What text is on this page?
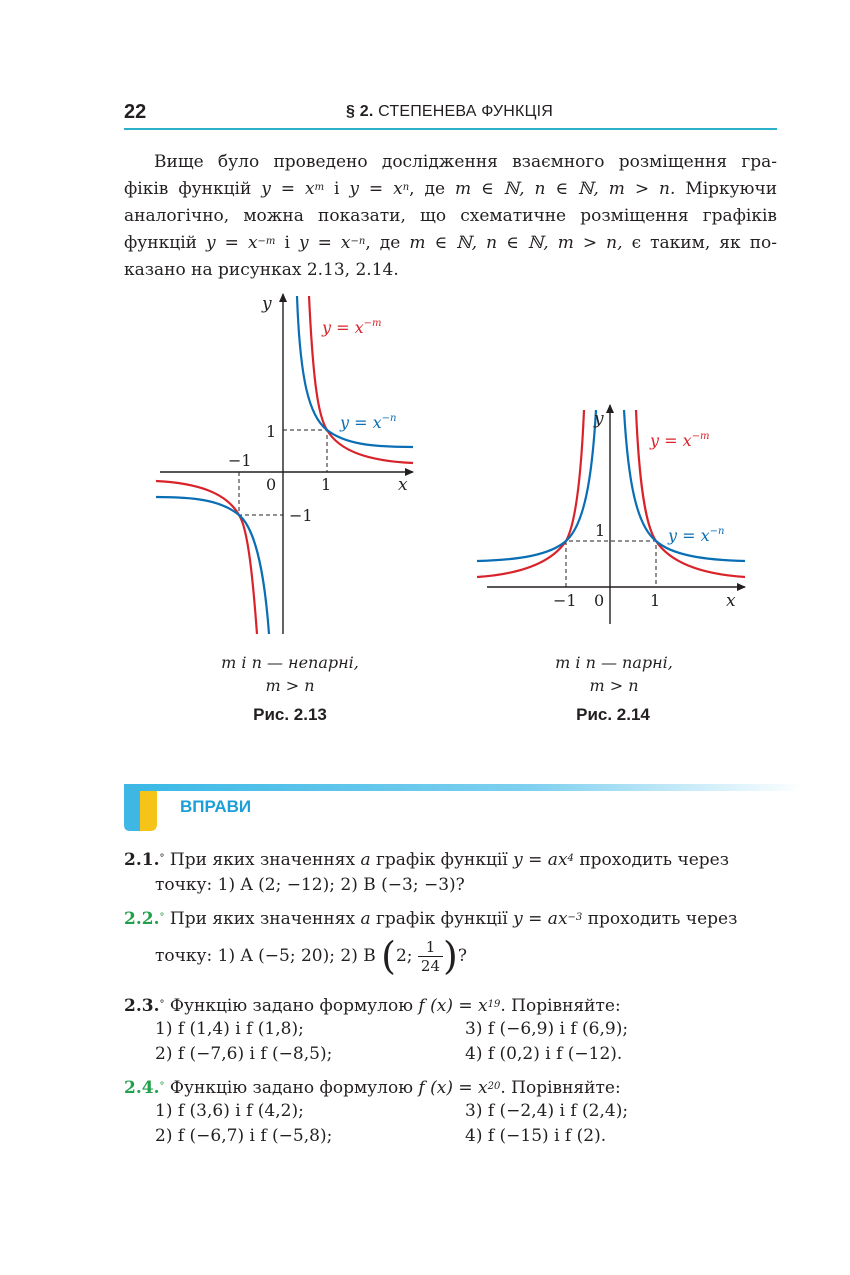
22	§ 2. СТЕПЕНЕВА ФУНКЦІЯ
Вище було проведено дослідження взаємного розміщення гра-
фіків функцій $y = x^m$ і $y = x^n$, де m ∈ ℕ, n ∈ ℕ, m > n. Міркуючи
аналогічно, можна показати, що схематичне розміщення графіків
функцій $y = x^{-m}$ і $y = x^{-n}$, де m ∈ ℕ, n ∈ ℕ, m > n, є таким, як по-
казано на рисунках 2.13, 2.14.
y
x
$y = x^{-m}$
$y = x^{-n}$
1
−1
0	1
−1
y
x
$y = x^{-m}$
$y = x^{-n}$
1
−1 0	1
m і n — непарні,
m > n
Рис. 2.13
m і n — парні,
m > n
Рис. 2.14
ВПРАВИ
2.1.° При яких значеннях a графік функції $y = ax^4$ проходить через
точку: 1) A (2; −12); 2) B (−3; −3)?
2.2.° При яких значеннях a графік функції $y = ax^{-3}$ проходить через
точку: 1) A (−5; 20); 2) B (2; $\frac{1}{24}$ )?
2.3.° Функцію задано формулою f $(x) = x^{19}$. Порівняйте:
1) f (1,4) і f (1,8);	3) f (−6,9) і f (6,9);
2) f (−7,6) і f (−8,5);	4) f (0,2) і f (−12).
2.4.° Функцію задано формулою f $(x) = x^{20}$. Порівняйте:
1) f (3,6) і f (4,2);	3) f (−2,4) і f (2,4);
2) f (−6,7) і f (−5,8);	4) f (−15) і f (2).
